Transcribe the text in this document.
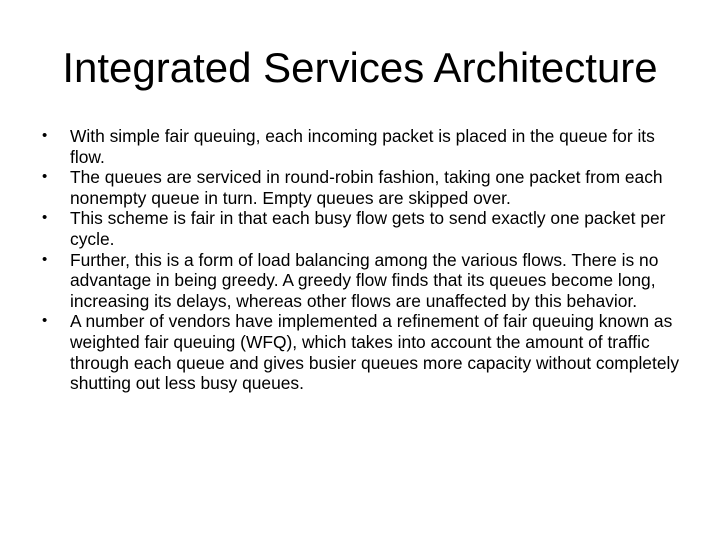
Integrated Services Architecture
• With simple fair queuing, each incoming packet is placed in the queue for its flow.
• The queues are serviced in round-robin fashion, taking one packet from each nonempty queue in turn. Empty queues are skipped over.
• This scheme is fair in that each busy flow gets to send exactly one packet per cycle.
• Further, this is a form of load balancing among the various flows. There is no advantage in being greedy. A greedy flow finds that its queues become long, increasing its delays, whereas other flows are unaffected by this behavior.
• A number of vendors have implemented a refinement of fair queuing known as weighted fair queuing (WFQ), which takes into account the amount of traffic through each queue and gives busier queues more capacity without completely shutting out less busy queues.
